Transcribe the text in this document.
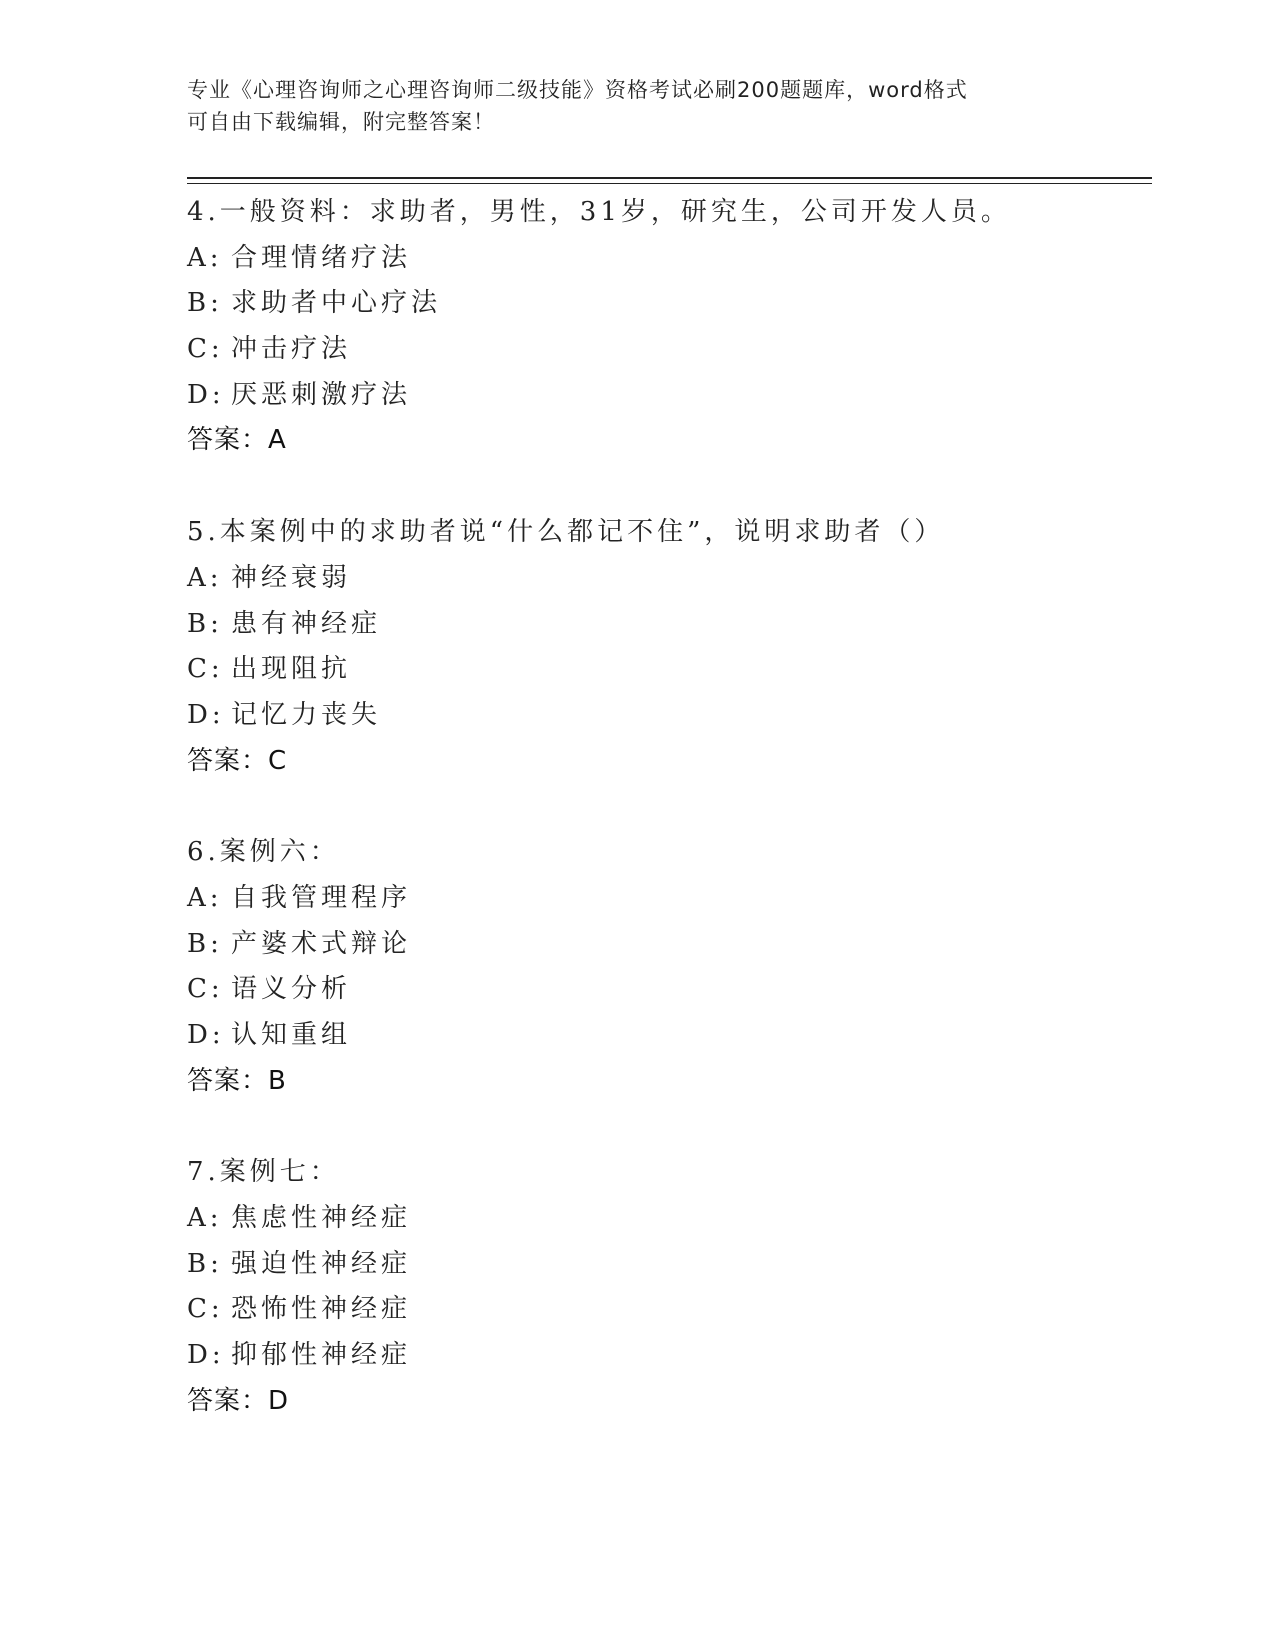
专业《心理咨询师之心理咨询师二级技能》资格考试必刷200题题库，word格式
可自由下载编辑，附完整答案！
4.一般资料：求助者，男性，31岁，研究生，公司开发人员。
A: 合理情绪疗法
B: 求助者中心疗法
C: 冲击疗法
D: 厌恶刺激疗法
答案：A
5.本案例中的求助者说“什么都记不住”，说明求助者（）
A: 神经衰弱
B: 患有神经症
C: 出现阻抗
D: 记忆力丧失
答案：C
6.案例六：
A: 自我管理程序
B: 产婆术式辩论
C: 语义分析
D: 认知重组
答案：B
7.案例七：
A: 焦虑性神经症
B: 强迫性神经症
C: 恐怖性神经症
D: 抑郁性神经症
答案：D
